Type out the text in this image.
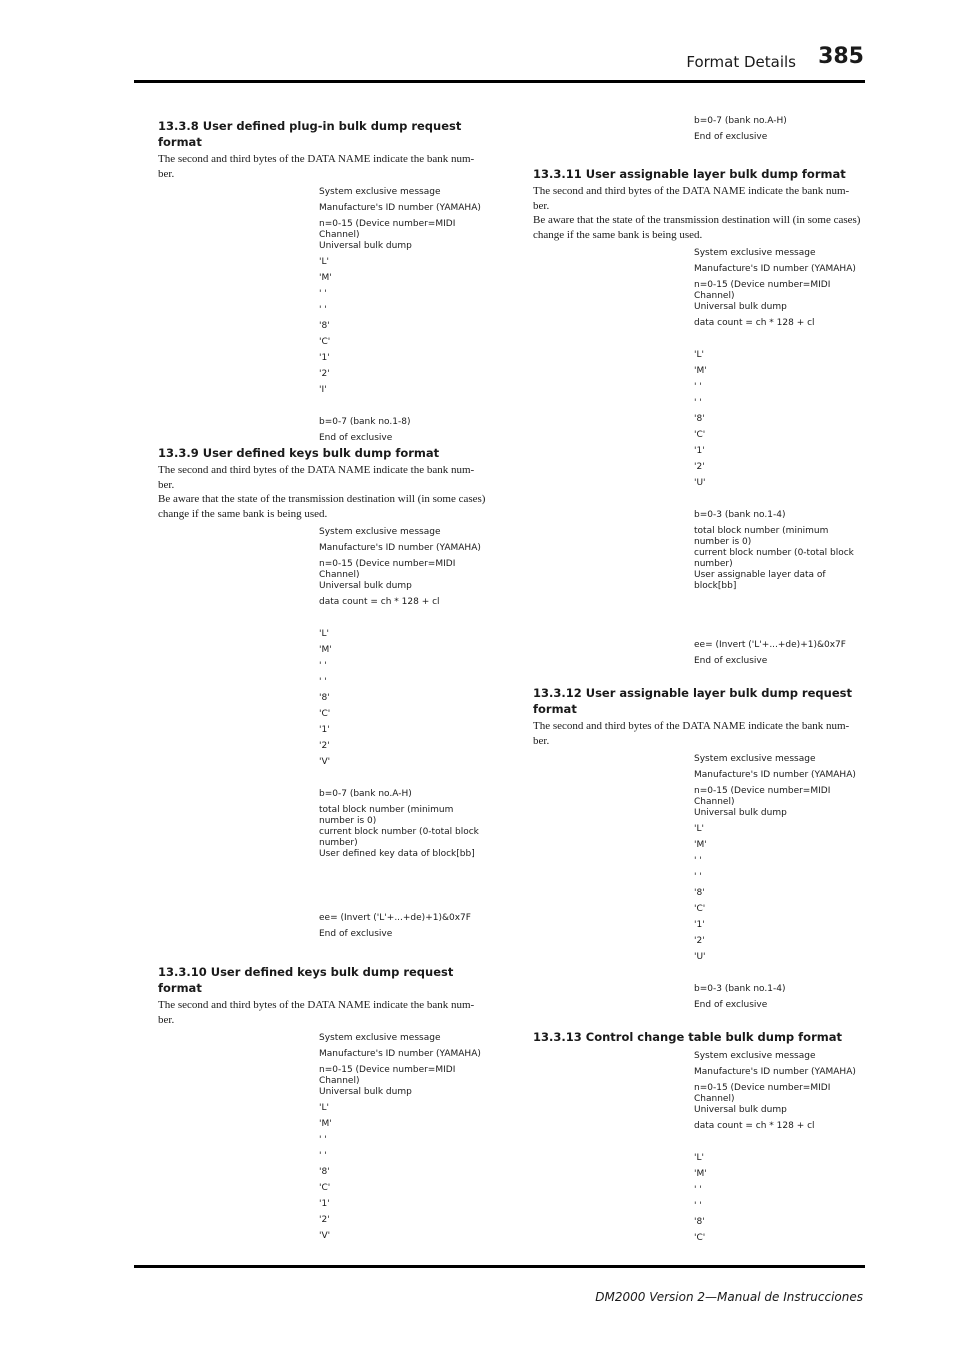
Format Details	385
13.3.8 User defined plug-in bulk dump request format
The second and third bytes of the DATA NAME indicate the bank num-
ber.
System exclusive message
Manufacture's ID number (YAMAHA)
n=0-15 (Device number=MIDI Channel)
Universal bulk dump
'L'
'M'
' '
' '
'8'
'C'
'1'
'2'
'I'
b=0-7 (bank no.1-8)
End of exclusive
13.3.9 User defined keys bulk dump format
The second and third bytes of the DATA NAME indicate the bank num-
ber.
Be aware that the state of the transmission destination will (in some cases)
change if the same bank is being used.
System exclusive message
Manufacture's ID number (YAMAHA)
n=0-15 (Device number=MIDI Channel)
Universal bulk dump
data count = ch * 128 + cl
'L'
'M'
' '
' '
'8'
'C'
'1'
'2'
'V'
b=0-7 (bank no.A-H)
total block number (minimum number is 0)
current block number (0-total block number)
User defined key data of block[bb]
ee= (Invert ('L'+...+de)+1)&0x7F
End of exclusive
13.3.10 User defined keys bulk dump request format
The second and third bytes of the DATA NAME indicate the bank num-
ber.
System exclusive message
Manufacture's ID number (YAMAHA)
n=0-15 (Device number=MIDI Channel)
Universal bulk dump
'L'
'M'
' '
' '
'8'
'C'
'1'
'2'
'V'
b=0-7 (bank no.A-H)
End of exclusive
13.3.11 User assignable layer bulk dump format
The second and third bytes of the DATA NAME indicate the bank num-
ber.
Be aware that the state of the transmission destination will (in some cases)
change if the same bank is being used.
System exclusive message
Manufacture's ID number (YAMAHA)
n=0-15 (Device number=MIDI Channel)
Universal bulk dump
data count = ch * 128 + cl
'L'
'M'
' '
' '
'8'
'C'
'1'
'2'
'U'
b=0-3 (bank no.1-4)
total block number (minimum number is 0)
current block number (0-total block number)
User assignable layer data of block[bb]
ee= (Invert ('L'+...+de)+1)&0x7F
End of exclusive
13.3.12 User assignable layer bulk dump request format
The second and third bytes of the DATA NAME indicate the bank num-
ber.
System exclusive message
Manufacture's ID number (YAMAHA)
n=0-15 (Device number=MIDI Channel)
Universal bulk dump
'L'
'M'
' '
' '
'8'
'C'
'1'
'2'
'U'
b=0-3 (bank no.1-4)
End of exclusive
13.3.13 Control change table bulk dump format
System exclusive message
Manufacture's ID number (YAMAHA)
n=0-15 (Device number=MIDI Channel)
Universal bulk dump
data count = ch * 128 + cl
'L'
'M'
' '
' '
'8'
'C'
DM2000 Version 2—Manual de Instrucciones
